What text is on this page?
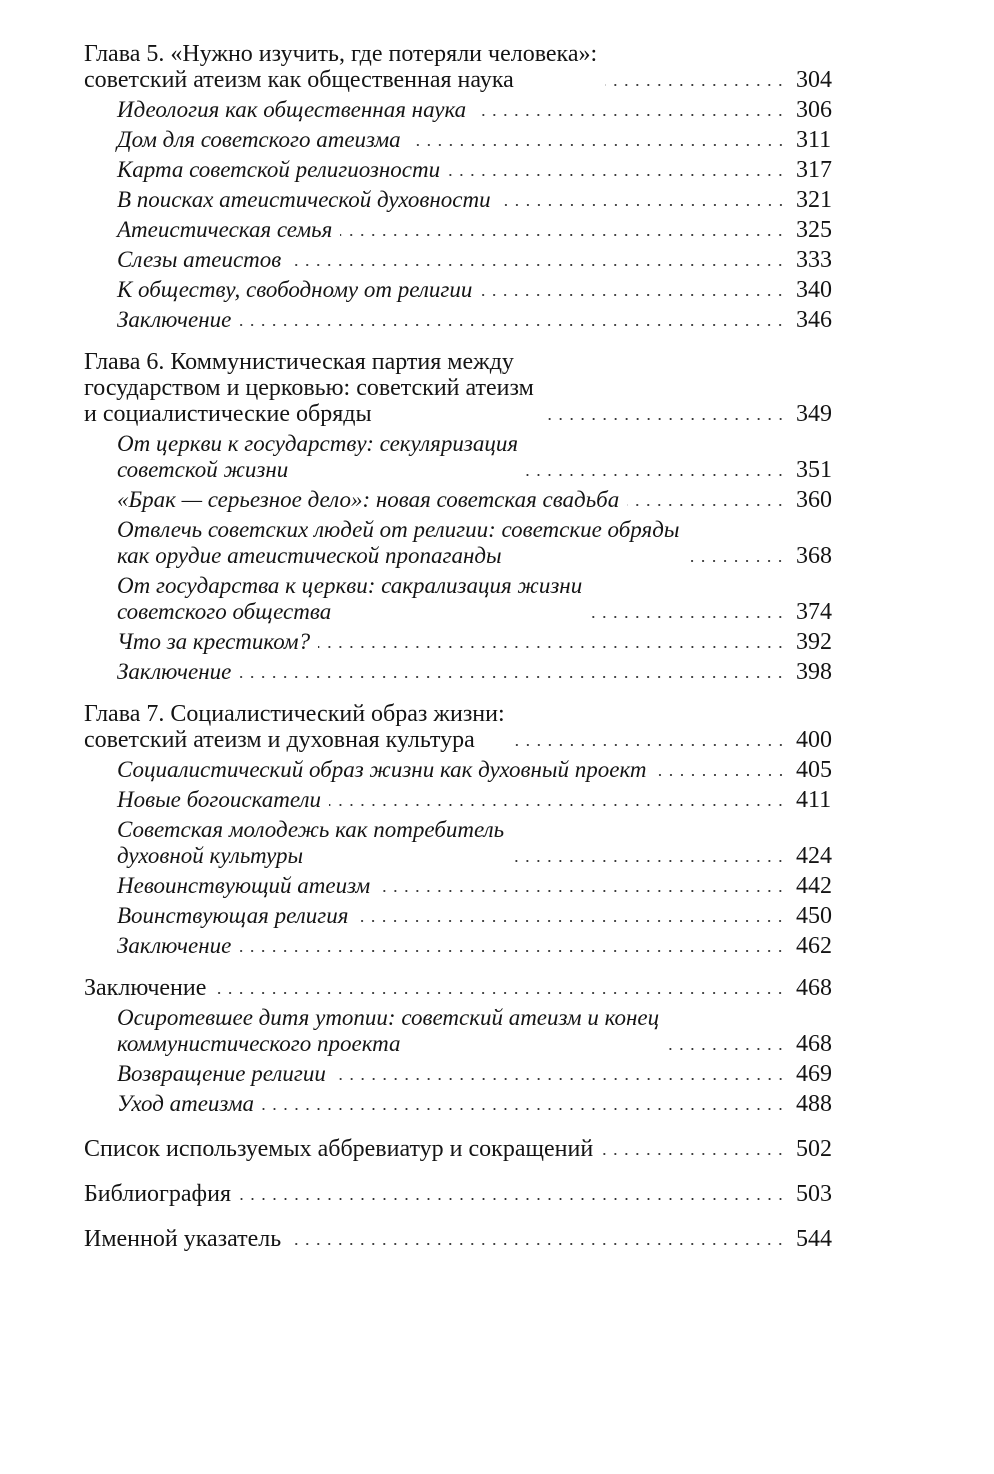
Глава 5. «Нужно изучить, где потеряли человека»:
советский атеизм как общественная наука	304
Идеология как общественная наука	306
Дом для советского атеизма	311
Карта советской религиозности	317
В поисках атеистической духовности	321
Атеистическая семья	325
Слезы атеистов	333
К обществу, свободному от религии	340
Заключение	346
Глава 6. Коммунистическая партия между
государством и церковью: советский атеизм
и социалистические обряды	349
От церкви к государству: секуляризация
советской жизни	351
«Брак — серьезное дело»: новая советская свадьба	360
Отвлечь советских людей от религии: советские обряды
как орудие атеистической пропаганды	368
От государства к церкви: сакрализация жизни
советского общества	374
Что за крестиком?	392
Заключение	398
Глава 7. Социалистический образ жизни:
советский атеизм и духовная культура	400
Социалистический образ жизни как духовный проект	405
Новые богоискатели	411
Советская молодежь как потребитель
духовной культуры	424
Невоинствующий атеизм	442
Воинствующая религия	450
Заключение	462
Заключение	468
Осиротевшее дитя утопии: советский атеизм и конец
коммунистического проекта	468
Возвращение религии	469
Уход атеизма	488
Список используемых аббревиатур и сокращений	502
Библиография	503
Именной указатель	544
